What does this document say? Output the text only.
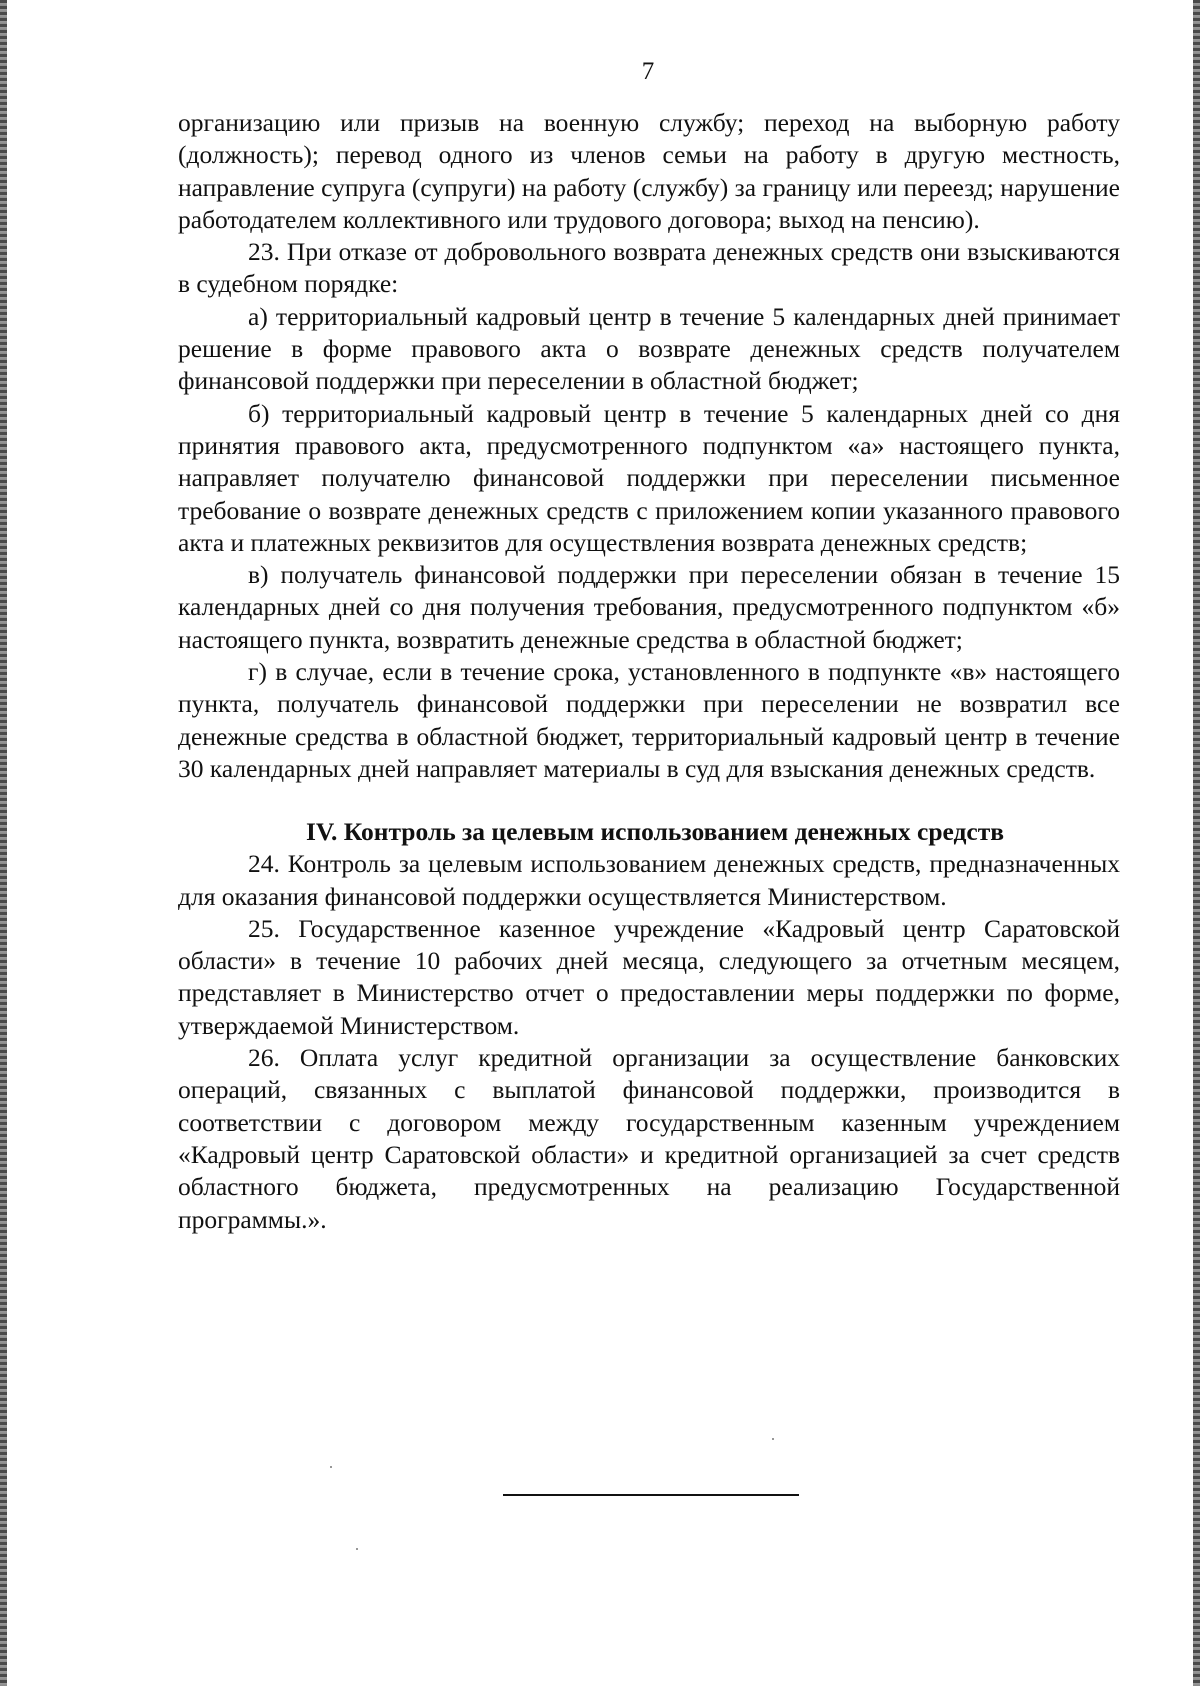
7

организацию или призыв на военную службу; переход на выборную работу (должность); перевод одного из членов семьи на работу в другую местность, направление супруга (супруги) на работу (службу) за границу или переезд; нарушение работодателем коллективного или трудового договора; выход на пенсию).

23. При отказе от добровольного возврата денежных средств они взыскиваются в судебном порядке:

а) территориальный кадровый центр в течение 5 календарных дней принимает решение в форме правового акта о возврате денежных средств получателем финансовой поддержки при переселении в областной бюджет;

б) территориальный кадровый центр в течение 5 календарных дней со дня принятия правового акта, предусмотренного подпунктом «а» настоящего пункта, направляет получателю финансовой поддержки при переселении письменное требование о возврате денежных средств с приложением копии указанного правового акта и платежных реквизитов для осуществления возврата денежных средств;

в) получатель финансовой поддержки при переселении обязан в течение 15 календарных дней со дня получения требования, предусмотренного подпунктом «б» настоящего пункта, возвратить денежные средства в областной бюджет;

г) в случае, если в течение срока, установленного в подпункте «в» настоящего пункта, получатель финансовой поддержки при переселении не возвратил все денежные средства в областной бюджет, территориальный кадровый центр в течение 30 календарных дней направляет материалы в суд для взыскания денежных средств.

IV. Контроль за целевым использованием денежных средств

24. Контроль за целевым использованием денежных средств, предназначенных для оказания финансовой поддержки осуществляется Министерством.

25. Государственное казенное учреждение «Кадровый центр Саратовской области» в течение 10 рабочих дней месяца, следующего за отчетным месяцем, представляет в Министерство отчет о предоставлении меры поддержки по форме, утверждаемой Министерством.

26. Оплата услуг кредитной организации за осуществление банковских операций, связанных с выплатой финансовой поддержки, производится в соответствии с договором между государственным казенным учреждением «Кадровый центр Саратовской области» и кредитной организацией за счет средств областного бюджета, предусмотренных на реализацию Государственной программы.».
